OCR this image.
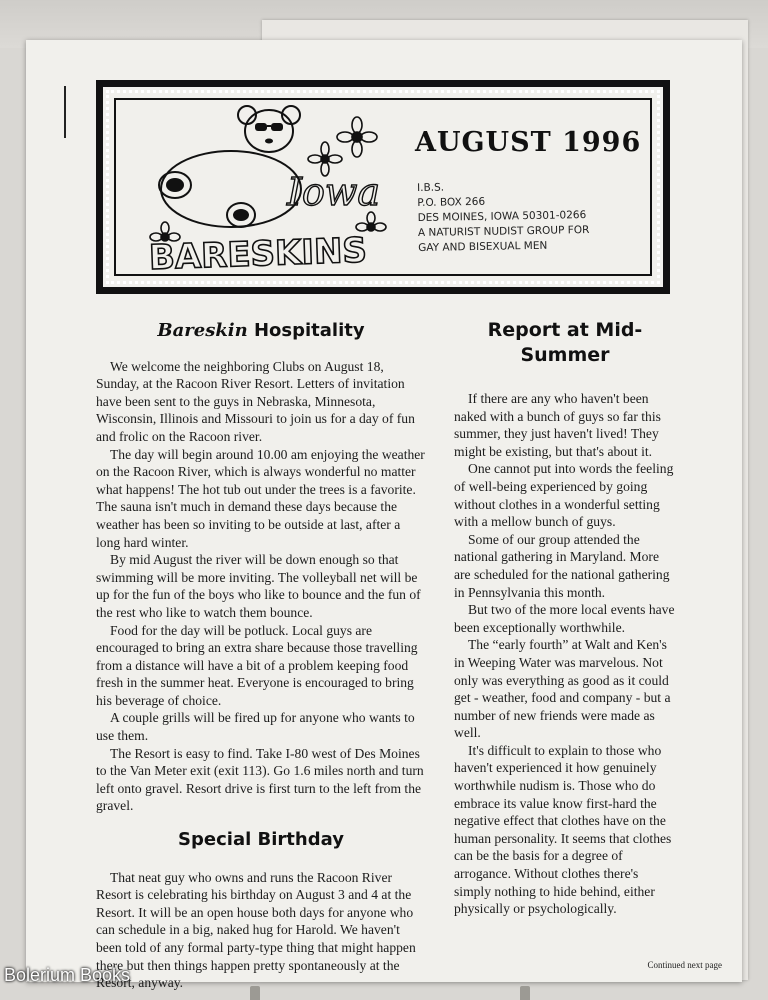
Iowa
BARESKINS
AUGUST 1996
I.B.S.
P.O. BOX 266
DES MOINES, IOWA 50301-0266
A NATURIST NUDIST GROUP FOR
GAY AND BISEXUAL MEN
Bareskin Hospitality

We welcome the neighboring Clubs on August 18, Sunday, at the Racoon River Resort. Letters of invitation have been sent to the guys in Nebraska, Minnesota, Wisconsin, Illinois and Missouri to join us for a day of fun and frolic on the Racoon river.

The day will begin around 10.00 am enjoying the weather on the Racoon River, which is always wonderful no matter what happens! The hot tub out under the trees is a favorite. The sauna isn't much in demand these days because the weather has been so inviting to be outside at last, after a long hard winter.

By mid August the river will be down enough so that swimming will be more inviting. The volleyball net will be up for the fun of the boys who like to bounce and the fun of the rest who like to watch them bounce.

Food for the day will be potluck. Local guys are encouraged to bring an extra share because those travelling from a distance will have a bit of a problem keeping food fresh in the summer heat. Everyone is encouraged to bring his beverage of choice.

A couple grills will be fired up for anyone who wants to use them.

The Resort is easy to find. Take I-80 west of Des Moines to the Van Meter exit (exit 113). Go 1.6 miles north and turn left onto gravel. Resort drive is first turn to the left from the gravel.

Special Birthday

That neat guy who owns and runs the Racoon River Resort is celebrating his birthday on August 3 and 4 at the Resort. It will be an open house both days for anyone who can schedule in a big, naked hug for Harold. We haven't been told of any formal party-type thing that might happen there but then things happen pretty spontaneously at the Resort, anyway.

Report at Mid-Summer

If there are any who haven't been naked with a bunch of guys so far this summer, they just haven't lived! They might be existing, but that's about it.

One cannot put into words the feeling of well-being experienced by going without clothes in a wonderful setting with a mellow bunch of guys.

Some of our group attended the national gathering in Maryland. More are scheduled for the national gathering in Pennsylvania this month.

But two of the more local events have been exceptionally worthwhile.

The “early fourth” at Walt and Ken's in Weeping Water was marvelous. Not only was everything as good as it could get - weather, food and company - but a number of new friends were made as well.

It's difficult to explain to those who haven't experienced it how genuinely worthwhile nudism is. Those who do embrace its value know first-hard the negative effect that clothes have on the human personality. It seems that clothes can be the basis for a degree of arrogance. Without clothes there's simply nothing to hide behind, either physically or psychologically.

Continued next page
Bolerium Books
